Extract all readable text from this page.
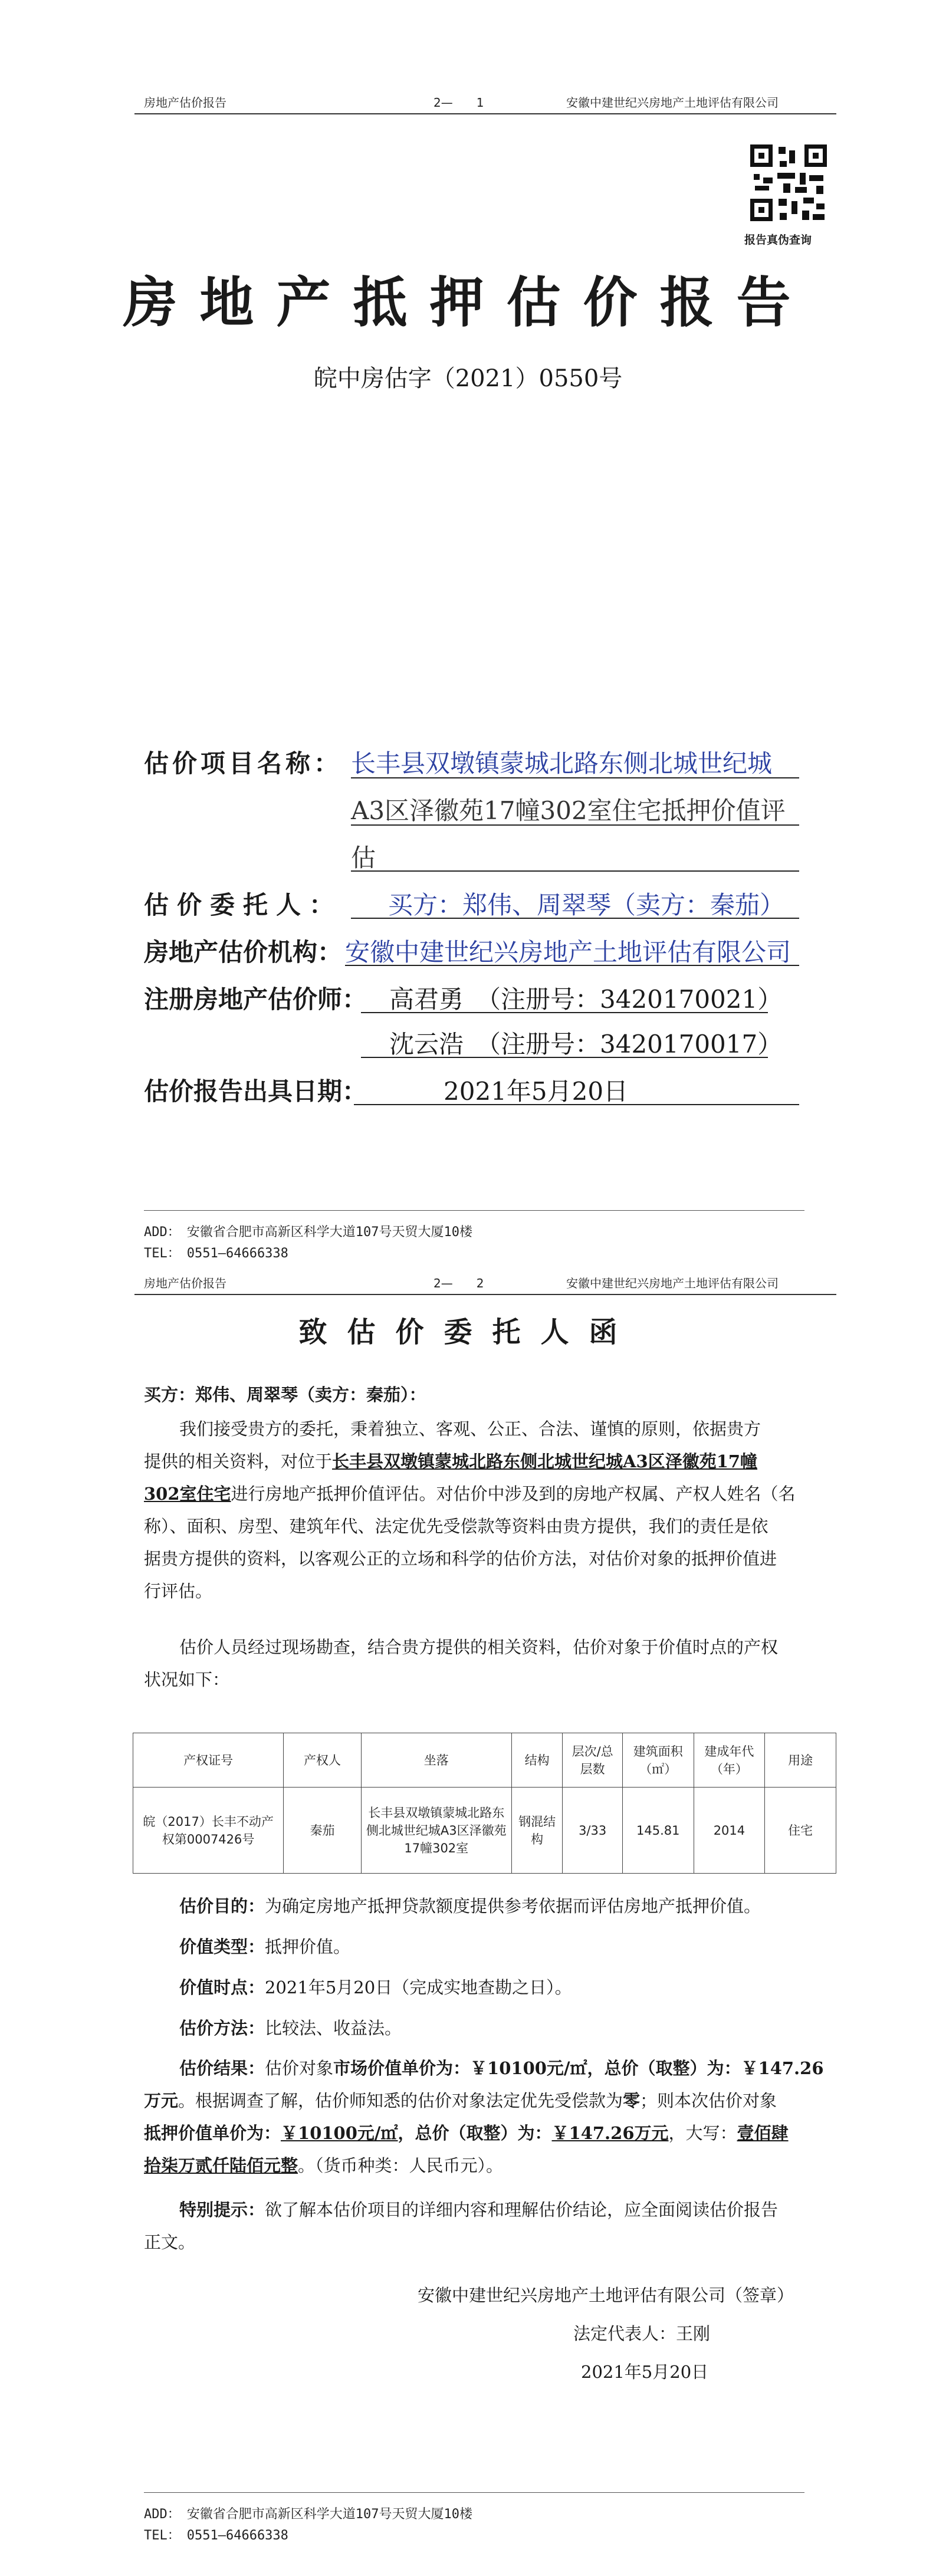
房地产估价报告	2—　　1	安徽中建世纪兴房地产土地评估有限公司
报告真伪查询
房地产抵押估价报告
皖中房估字（2021）0550号
估价项目名称： 长丰县双墩镇蒙城北路东侧北城世纪城
A3区泽徽苑17幢302室住宅抵押价值评
估
估价委托人： 买方：郑伟、周翠琴（卖方：秦茄）
房地产估价机构： 安徽中建世纪兴房地产土地评估有限公司
注册房地产估价师： 高君勇　（注册号：3420170021）
沈云浩　（注册号：3420170017）
估价报告出具日期：	2021年5月20日
ADD：　安徽省合肥市高新区科学大道107号天贸大厦10楼
TEL：　0551—64666338
房地产估价报告	2—　　2	安徽中建世纪兴房地产土地评估有限公司
致估价委托人函
买方：郑伟、周翠琴（卖方：秦茄）：
我们接受贵方的委托，秉着独立、客观、公正、合法、谨慎的原则，依据贵方
提供的相关资料，对位于长丰县双墩镇蒙城北路东侧北城世纪城A3区泽徽苑17幢
302室住宅进行房地产抵押价值评估。对估价中涉及到的房地产权属、产权人姓名（名
称）、面积、房型、建筑年代、法定优先受偿款等资料由贵方提供，我们的责任是依
据贵方提供的资料，以客观公正的立场和科学的估价方法，对估价对象的抵押价值进
行评估。
估价人员经过现场勘查，结合贵方提供的相关资料，估价对象于价值时点的产权
状况如下：
产权证号	产权人	坐落	结构	层次/总层数	建筑面积（㎡）	建成年代（年）	用途
皖（2017）长丰不动产权第0007426号	秦茄	长丰县双墩镇蒙城北路东侧北城世纪城A3区泽徽苑17幢302室	钢混结构	3/33	145.81	2014	住宅
估价目的：为确定房地产抵押贷款额度提供参考依据而评估房地产抵押价值。
价值类型：抵押价值。
价值时点：2021年5月20日（完成实地查勘之日）。
估价方法：比较法、收益法。
估价结果：估价对象市场价值单价为：￥10100元/㎡，总价（取整）为：￥147.26
万元。根据调查了解，估价师知悉的估价对象法定优先受偿款为零；则本次估价对象
抵押价值单价为：￥10100元/㎡，总价（取整）为：￥147.26万元，大写：壹佰肆
拾柒万贰仟陆佰元整。（货币种类：人民币元）。
特别提示：欲了解本估价项目的详细内容和理解估价结论，应全面阅读估价报告
正文。
安徽中建世纪兴房地产土地评估有限公司（签章）
法定代表人：王刚
2021年5月20日
ADD：　安徽省合肥市高新区科学大道107号天贸大厦10楼
TEL：　0551—64666338
